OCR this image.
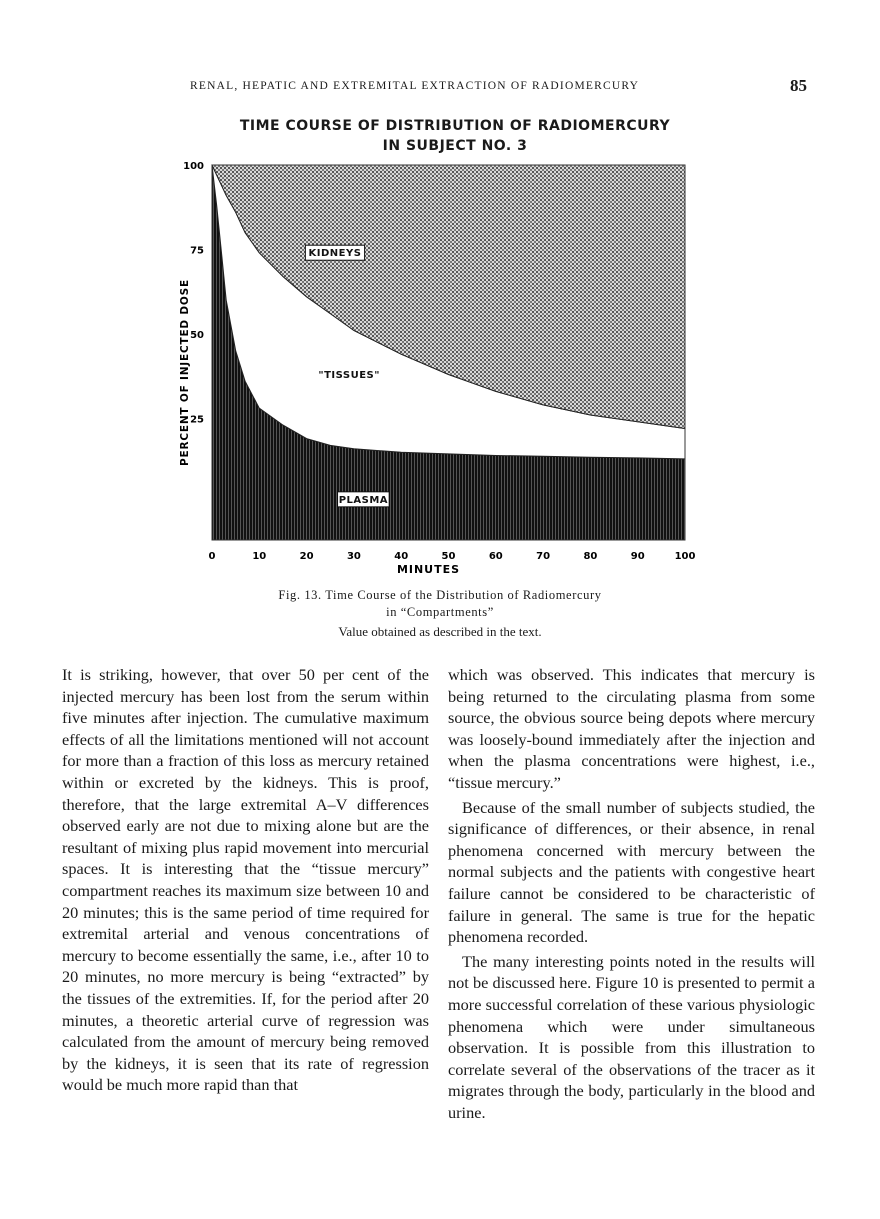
RENAL, HEPATIC AND EXTREMITAL EXTRACTION OF RADIOMERCURY	85
TIME COURSE OF DISTRIBUTION OF RADIOMERCURY
IN SUBJECT NO. 3
0	10	20	30	40	50	60	70	80	90	100
25
50
75
100
MINUTES
PERCENT OF INJECTED DOSE
KIDNEYS
"TISSUES"
PLASMA
Fig. 13. Time Course of the Distribution of Radiomercury
in “Compartments”
Value obtained as described in the text.

It is striking, however, that over 50 per cent of the injected mercury has been lost from the serum within five minutes after injection. The cumulative maximum effects of all the limitations mentioned will not account for more than a fraction of this loss as mercury retained within or excreted by the kidneys. This is proof, therefore, that the large extremital A–V differences observed early are not due to mixing alone but are the resultant of mixing plus rapid movement into mercurial spaces. It is interesting that the “tissue mercury” compartment reaches its maximum size between 10 and 20 minutes; this is the same period of time required for extremital arterial and venous concentrations of mercury to become essentially the same, i.e., after 10 to 20 minutes, no more mercury is being “extracted” by the tissues of the extremities. If, for the period after 20 minutes, a theoretic arterial curve of regression was calculated from the amount of mercury being removed by the kidneys, it is seen that its rate of regression would be much more rapid than that

which was observed. This indicates that mercury is being returned to the circulating plasma from some source, the obvious source being depots where mercury was loosely-bound immediately after the injection and when the plasma concentrations were highest, i.e., “tissue mercury.”

Because of the small number of subjects studied, the significance of differences, or their absence, in renal phenomena concerned with mercury between the normal subjects and the patients with congestive heart failure cannot be considered to be characteristic of failure in general. The same is true for the hepatic phenomena recorded.

The many interesting points noted in the results will not be discussed here. Figure 10 is presented to permit a more successful correlation of these various physiologic phenomena which were under simultaneous observation. It is possible from this illustration to correlate several of the observations of the tracer as it migrates through the body, particularly in the blood and urine.
